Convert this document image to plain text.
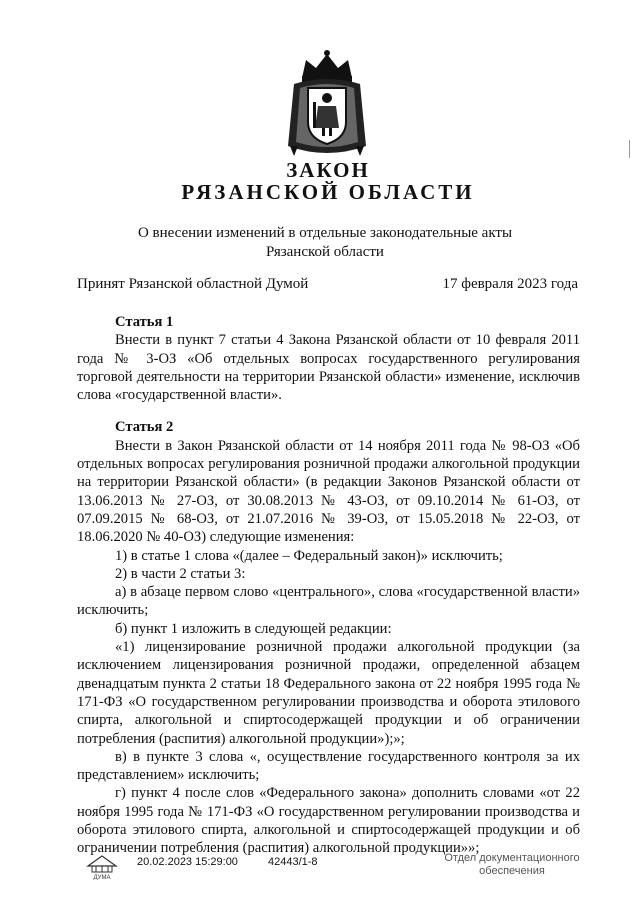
ЗАКОН
РЯЗАНСКОЙ ОБЛАСТИ
О внесении изменений в отдельные законодательные акты
Рязанской области
Принят Рязанской областной Думой	17 февраля 2023 года

Статья 1

Внести в пункт 7 статьи 4 Закона Рязанской области от 10 февраля 2011 года № 3-ОЗ «Об отдельных вопросах государственного регулирования торговой деятельности на территории Рязанской области» изменение, исключив слова «государственной власти».

Статья 2

Внести в Закон Рязанской области от 14 ноября 2011 года № 98-ОЗ «Об отдельных вопросах регулирования розничной продажи алкогольной продукции на территории Рязанской области» (в редакции Законов Рязанской области от 13.06.2013 № 27-ОЗ, от 30.08.2013 № 43-ОЗ, от 09.10.2014 № 61-ОЗ, от 07.09.2015 № 68-ОЗ, от 21.07.2016 № 39-ОЗ, от 15.05.2018 № 22-ОЗ, от 18.06.2020 № 40-ОЗ) следующие изменения:

1) в статье 1 слова «(далее – Федеральный закон)» исключить;

2) в части 2 статьи 3:

а) в абзаце первом слово «центрального», слова «государственной власти» исключить;

б) пункт 1 изложить в следующей редакции:

«1) лицензирование розничной продажи алкогольной продукции (за исключением лицензирования розничной продажи, определенной абзацем двенадцатым пункта 2 статьи 18 Федерального закона от 22 ноября 1995 года № 171-ФЗ «О государственном регулировании производства и оборота этилового спирта, алкогольной и спиртосодержащей продукции и об ограничении потребления (распития) алкогольной продукции»);»;

в) в пункте 3 слова «, осуществление государственного контроля за их представлением» исключить;

г) пункт 4 после слов «Федерального закона» дополнить словами «от 22 ноября 1995 года № 171-ФЗ «О государственном регулировании производства и оборота этилового спирта, алкогольной и спиртосодержащей продукции и об ограничении потребления (распития) алкогольной продукции»»;

ДУМА
20.02.2023 15:29:00	42443/1-8	Отдел документационного
обеспечения
